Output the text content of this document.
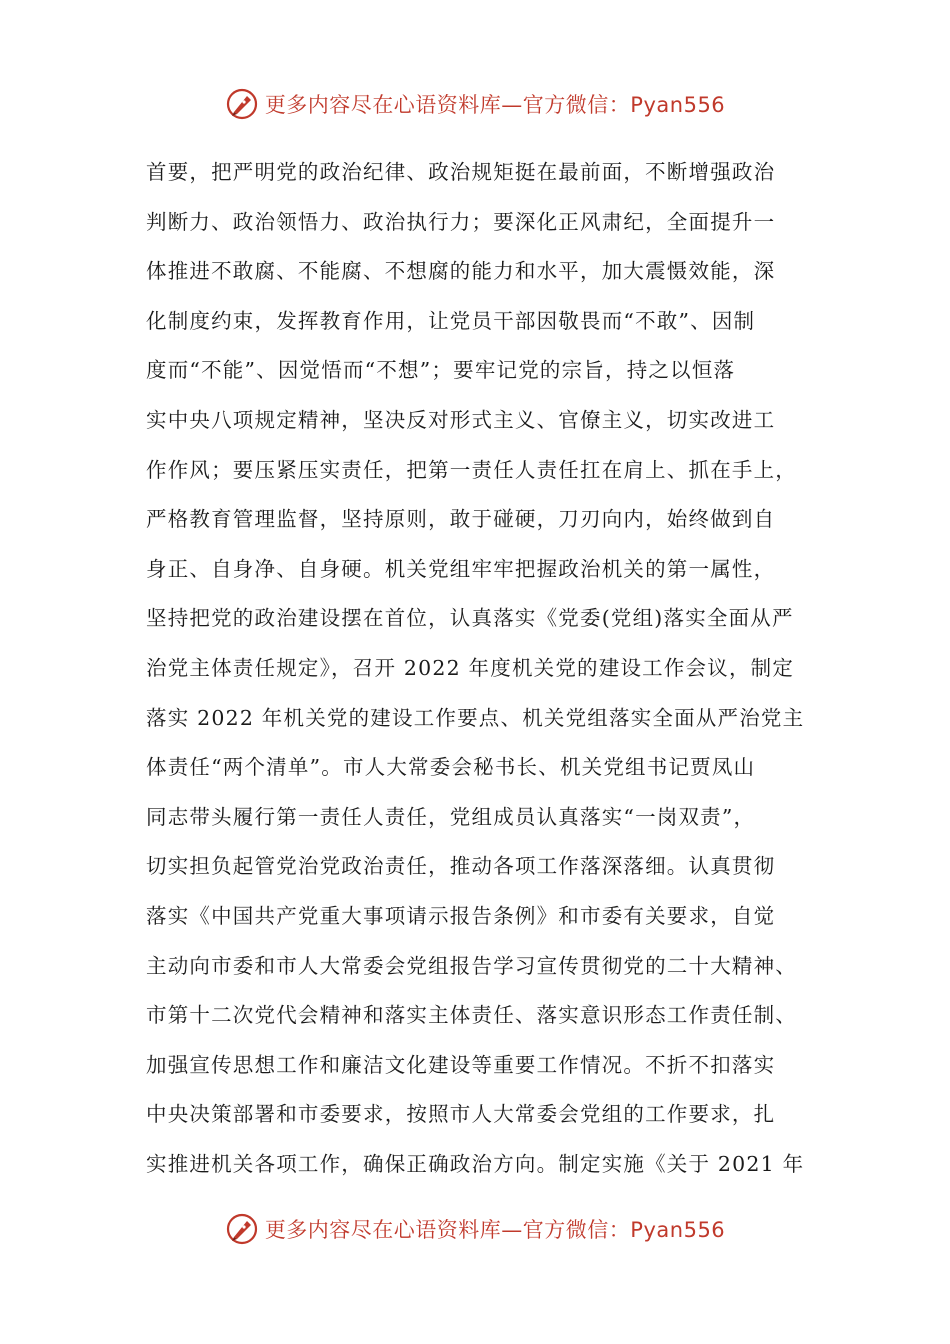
更多内容尽在心语资料库—官方微信：Pyan556
首要，把严明党的政治纪律、政治规矩挺在最前面，不断增强政治
判断力、政治领悟力、政治执行力；要深化正风肃纪，全面提升一
体推进不敢腐、不能腐、不想腐的能力和水平，加大震慑效能，深
化制度约束，发挥教育作用，让党员干部因敬畏而“不敢”、因制
度而“不能”、因觉悟而“不想”；要牢记党的宗旨，持之以恒落
实中央八项规定精神，坚决反对形式主义、官僚主义，切实改进工
作作风；要压紧压实责任，把第一责任人责任扛在肩上、抓在手上，
严格教育管理监督，坚持原则，敢于碰硬，刀刃向内，始终做到自
身正、自身净、自身硬。机关党组牢牢把握政治机关的第一属性，
坚持把党的政治建设摆在首位，认真落实《党委(党组)落实全面从严
治党主体责任规定》，召开 2022 年度机关党的建设工作会议，制定
落实 2022 年机关党的建设工作要点、机关党组落实全面从严治党主
体责任“两个清单”。市人大常委会秘书长、机关党组书记贾凤山
同志带头履行第一责任人责任，党组成员认真落实“一岗双责”，
切实担负起管党治党政治责任，推动各项工作落深落细。认真贯彻
落实《中国共产党重大事项请示报告条例》和市委有关要求，自觉
主动向市委和市人大常委会党组报告学习宣传贯彻党的二十大精神、
市第十二次党代会精神和落实主体责任、落实意识形态工作责任制、
加强宣传思想工作和廉洁文化建设等重要工作情况。不折不扣落实
中央决策部署和市委要求，按照市人大常委会党组的工作要求，扎
实推进机关各项工作，确保正确政治方向。制定实施《关于 2021 年
更多内容尽在心语资料库—官方微信：Pyan556
